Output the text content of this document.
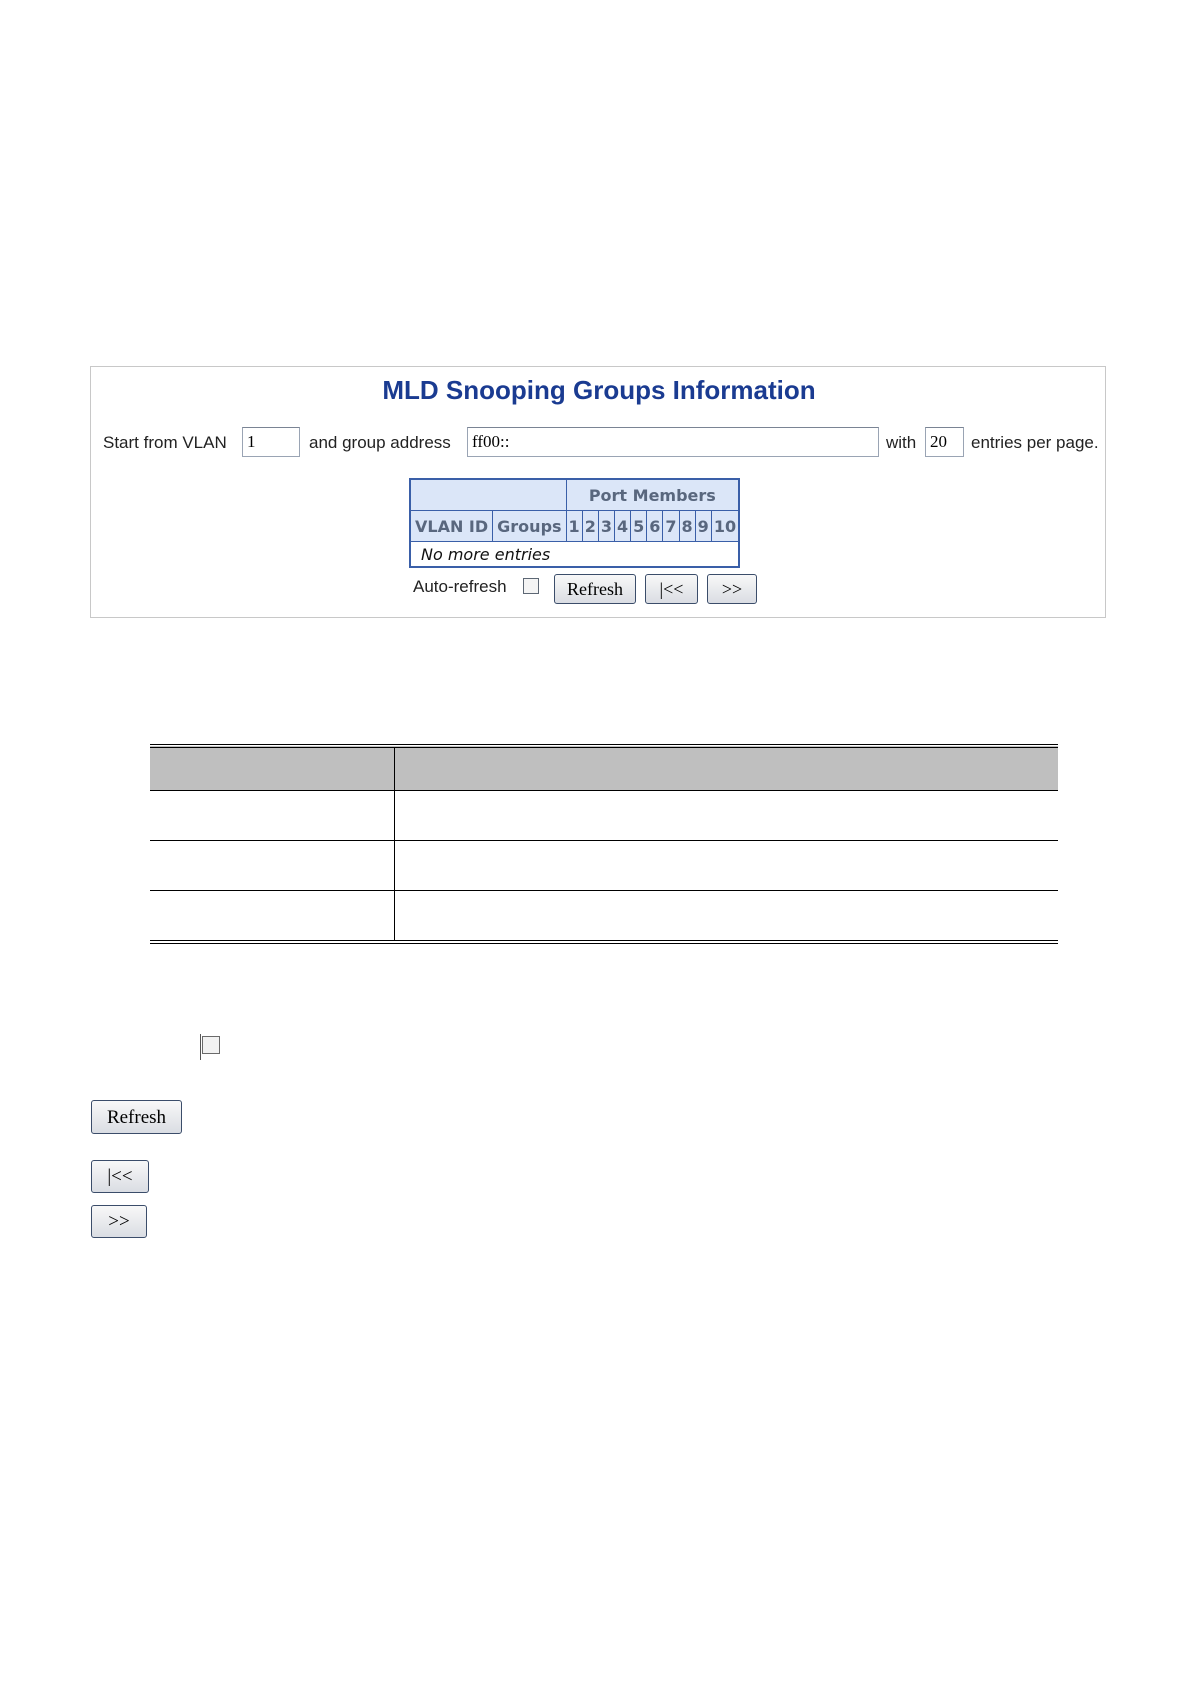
MLD Snooping Groups Information
Start from VLAN
1	and group address
ff00::	with
20	entries per page.
		Port Members									
VLAN ID	Groups	1	2	3	4	5	6	7	8	9	10
No more entries											
Auto-refresh	Refresh	|<<	>>

Refresh
|<<
>>
